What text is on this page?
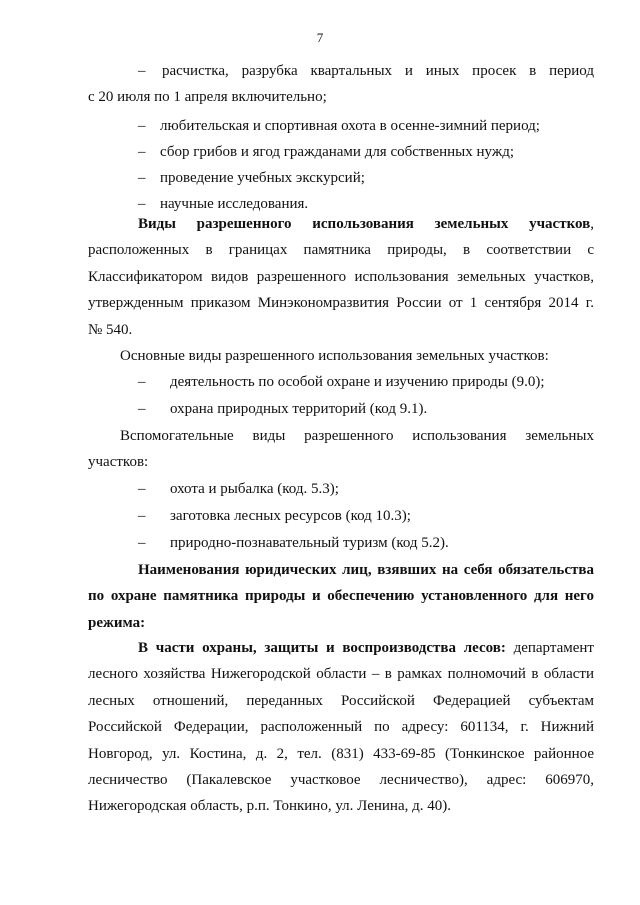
7
– расчистка, разрубка квартальных и иных просек в период
с 20 июля по 1 апреля включительно;
– любительская и спортивная охота в осенне-зимний период;
– сбор грибов и ягод гражданами для собственных нужд;
– проведение учебных экскурсий;
– научные исследования.
Виды разрешенного использования земельных участков,
расположенных в границах памятника природы, в соответствии с
Классификатором видов разрешенного использования земельных участков,
утвержденным приказом Минэкономразвития России от 1 сентября 2014 г.
№ 540.
Основные виды разрешенного использования земельных участков:
– деятельность по особой охране и изучению природы (9.0);
– охрана природных территорий (код 9.1).
Вспомогательные виды разрешенного использования земельных
участков:
– охота и рыбалка (код. 5.3);
– заготовка лесных ресурсов (код 10.3);
– природно-познавательный туризм (код 5.2).
Наименования юридических лиц, взявших на себя обязательства
по охране памятника природы и обеспечению установленного для него
режима:
В части охраны, защиты и воспроизводства лесов: департамент
лесного хозяйства Нижегородской области – в рамках полномочий в области
лесных отношений, переданных Российской Федерацией субъектам
Российской Федерации, расположенный по адресу: 601134, г. Нижний
Новгород, ул. Костина, д. 2, тел. (831) 433-69-85 (Тонкинское районное
лесничество (Пакалевское участковое лесничество), адрес: 606970,
Нижегородская область, р.п. Тонкино, ул. Ленина, д. 40).
